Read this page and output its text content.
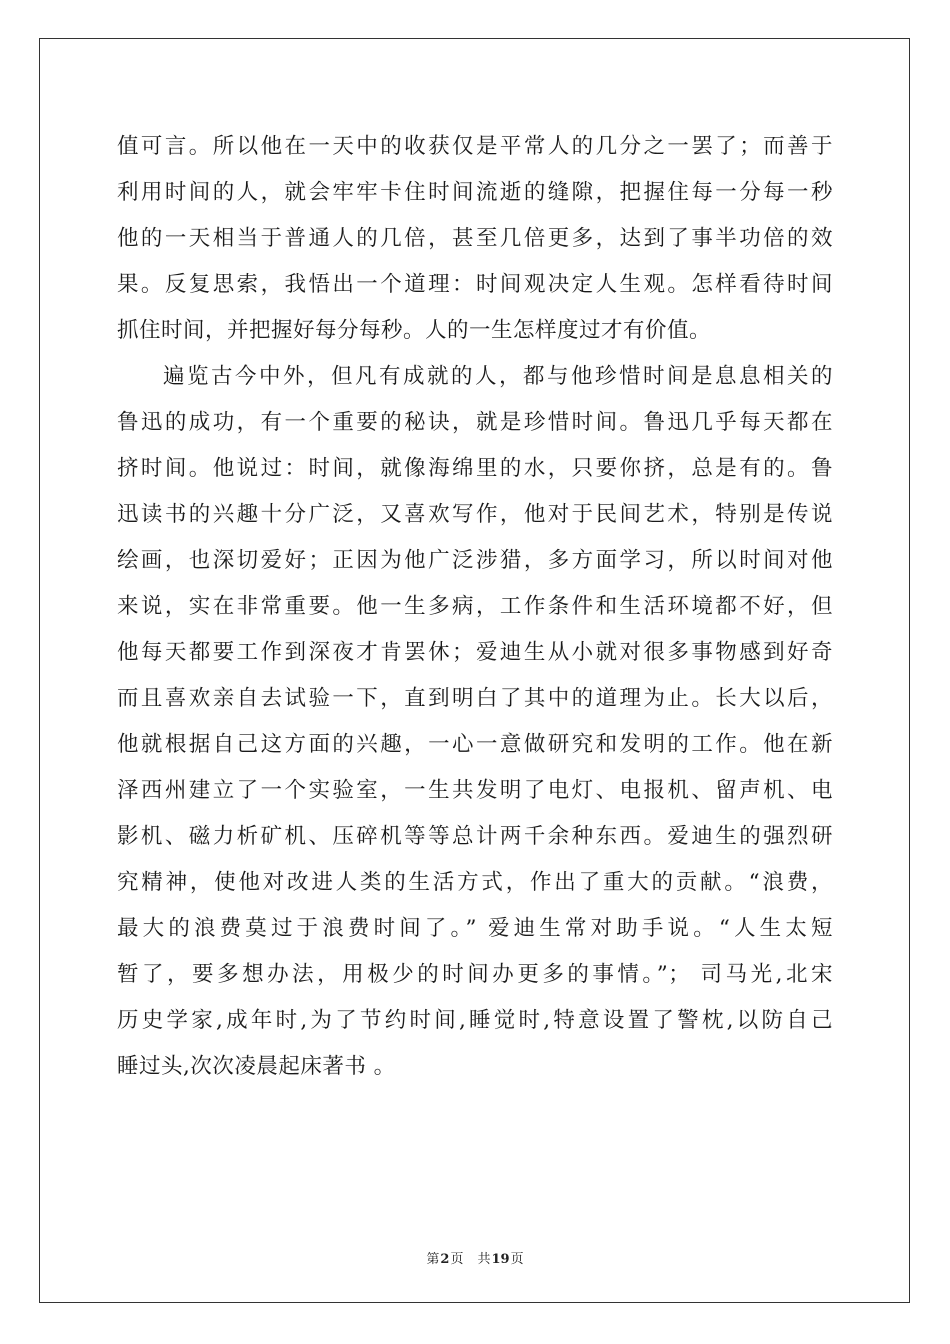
值可言。所以他在一天中的收获仅是平常人的几分之一罢了；而善于
利用时间的人，就会牢牢卡住时间流逝的缝隙，把握住每一分每一秒
他的一天相当于普通人的几倍，甚至几倍更多，达到了事半功倍的效
果。反复思索，我悟出一个道理：时间观决定人生观。怎样看待时间
抓住时间，并把握好每分每秒。人的一生怎样度过才有价值。
遍览古今中外，但凡有成就的人，都与他珍惜时间是息息相关的
鲁迅的成功，有一个重要的秘诀，就是珍惜时间。鲁迅几乎每天都在
挤时间。他说过：时间，就像海绵里的水，只要你挤，总是有的。鲁
迅读书的兴趣十分广泛，又喜欢写作，他对于民间艺术，特别是传说
绘画，也深切爱好；正因为他广泛涉猎，多方面学习，所以时间对他
来说，实在非常重要。他一生多病，工作条件和生活环境都不好，但
他每天都要工作到深夜才肯罢休；爱迪生从小就对很多事物感到好奇
而且喜欢亲自去试验一下，直到明白了其中的道理为止。长大以后，
他就根据自己这方面的兴趣，一心一意做研究和发明的工作。他在新
泽西州建立了一个实验室，一生共发明了电灯、电报机、留声机、电
影机、磁力析矿机、压碎机等等总计两千余种东西。爱迪生的强烈研
究精神，使他对改进人类的生活方式，作出了重大的贡献。“浪费，
最大的浪费莫过于浪费时间了。” 爱迪生常对助手说。“人生太短
暂了，要多想办法，用极少的时间办更多的事情。”； 司马光,北宋
历史学家,成年时,为了节约时间,睡觉时,特意设置了警枕,以防自己
睡过头,次次凌晨起床著书 。
第2页 共19页
